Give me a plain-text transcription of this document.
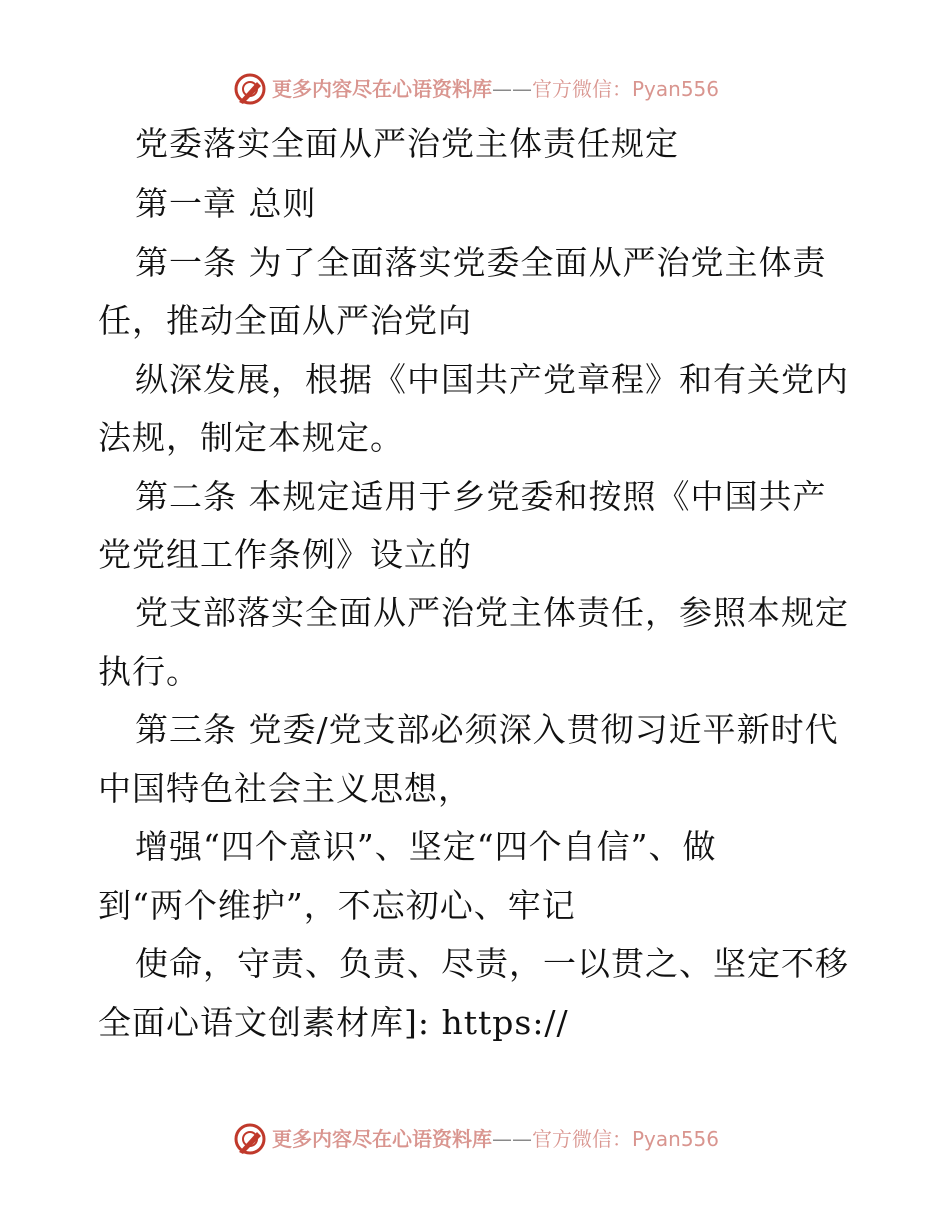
更多内容尽在心语资料库——官方微信：Pyan556
党委落实全面从严治党主体责任规定
第一章 总则
第一条 为了全面落实党委全面从严治党主体责
任，推动全面从严治党向
纵深发展，根据《中国共产党章程》和有关党内
法规，制定本规定。
第二条 本规定适用于乡党委和按照《中国共产
党党组工作条例》设立的
党支部落实全面从严治党主体责任，参照本规定
执行。
第三条 党委/党支部必须深入贯彻习近平新时代
中国特色社会主义思想，
增强“四个意识”、坚定“四个自信”、做
到“两个维护”，不忘初心、牢记
使命，守责、负责、尽责，一以贯之、坚定不移
全面心语文创素材库]: https://
更多内容尽在心语资料库——官方微信：Pyan556
